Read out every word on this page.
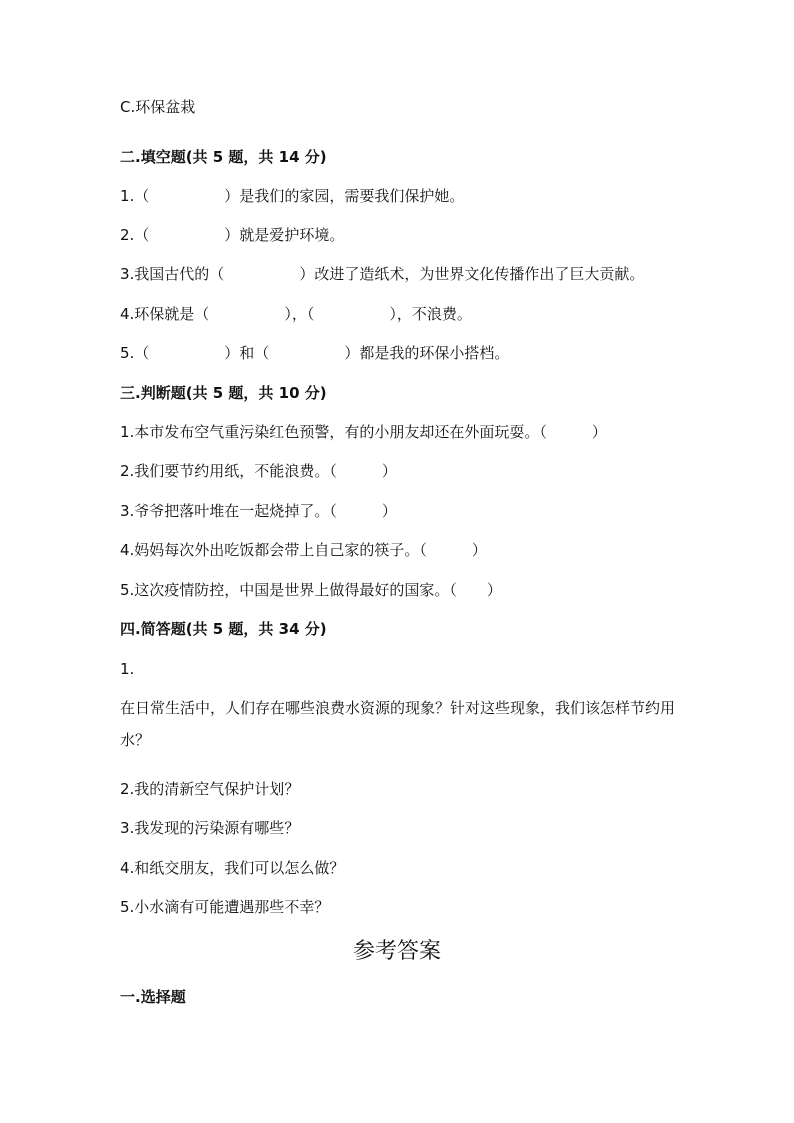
C.环保盆栽
二.填空题(共 5 题，共 14 分)
1.（　　　　　）是我们的家园，需要我们保护她。
2.（　　　　　）就是爱护环境。
3.我国古代的（　　　　　）改进了造纸术，为世界文化传播作出了巨大贡献。
4.环保就是（　　　　　），（　　　　　），不浪费。
5.（　　　　　）和（　　　　　）都是我的环保小搭档。
三.判断题(共 5 题，共 10 分)
1.本市发布空气重污染红色预警，有的小朋友却还在外面玩耍。（　　　）
2.我们要节约用纸，不能浪费。（　　　）
3.爷爷把落叶堆在一起烧掉了。（　　　）
4.妈妈每次外出吃饭都会带上自己家的筷子。（　　　）
5.这次疫情防控，中国是世界上做得最好的国家。（　　）
四.简答题(共 5 题，共 34 分)
1.
在日常生活中，人们存在哪些浪费水资源的现象？针对这些现象，我们该怎样节约用水？
2.我的清新空气保护计划？
3.我发现的污染源有哪些？
4.和纸交朋友，我们可以怎么做？
5.小水滴有可能遭遇那些不幸？
参考答案
一.选择题
